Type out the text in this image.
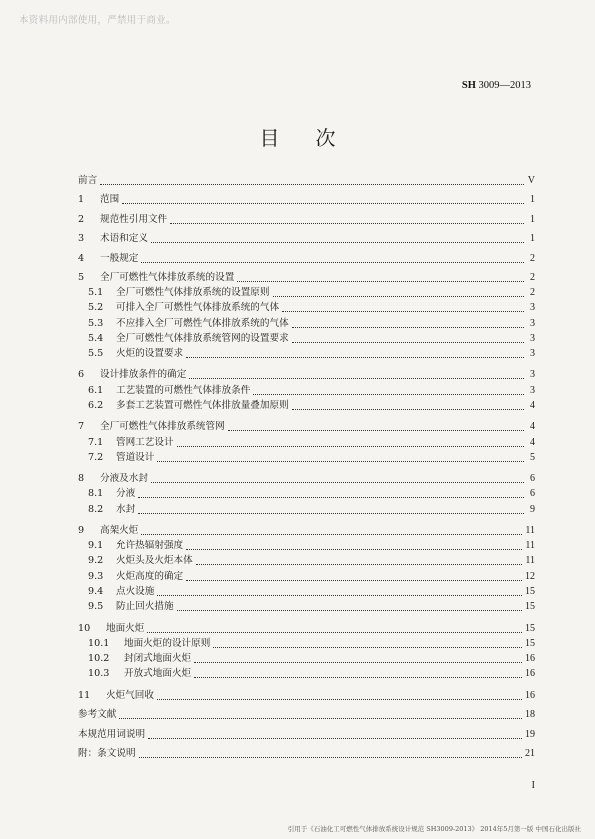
本资料用内部使用，严禁用于商业。
SH 3009—2013
目次
前言	V
1	范围	1
2	规范性引用文件	1
3	术语和定义	1
4	一般规定	2
5	全厂可燃性气体排放系统的设置	2
5.1	全厂可燃性气体排放系统的设置原则	2
5.2	可排入全厂可燃性气体排放系统的气体	3
5.3	不应排入全厂可燃性气体排放系统的气体	3
5.4	全厂可燃性气体排放系统管网的设置要求	3
5.5	火炬的设置要求	3
6	设计排放条件的确定	3
6.1	工艺装置的可燃性气体排放条件	3
6.2	多套工艺装置可燃性气体排放量叠加原则	4
7	全厂可燃性气体排放系统管网	4
7.1	管网工艺设计	4
7.2	管道设计	5
8	分液及水封	6
8.1	分液	6
8.2	水封	9
9	高架火炬	11
9.1	允许热辐射强度	11
9.2	火炬头及火炬本体	11
9.3	火炬高度的确定	12
9.4	点火设施	15
9.5	防止回火措施	15
10	地面火炬	15
10.1	地面火炬的设计原则	15
10.2	封闭式地面火炬	16
10.3	开放式地面火炬	16
11	火炬气回收	16
参考文献	18
本规范用词说明	19
附：条文说明	21
I
引用于《石油化工可燃性气体排放系统设计规范 SH3009-2013》 2014年5月第一版 中国石化出版社
